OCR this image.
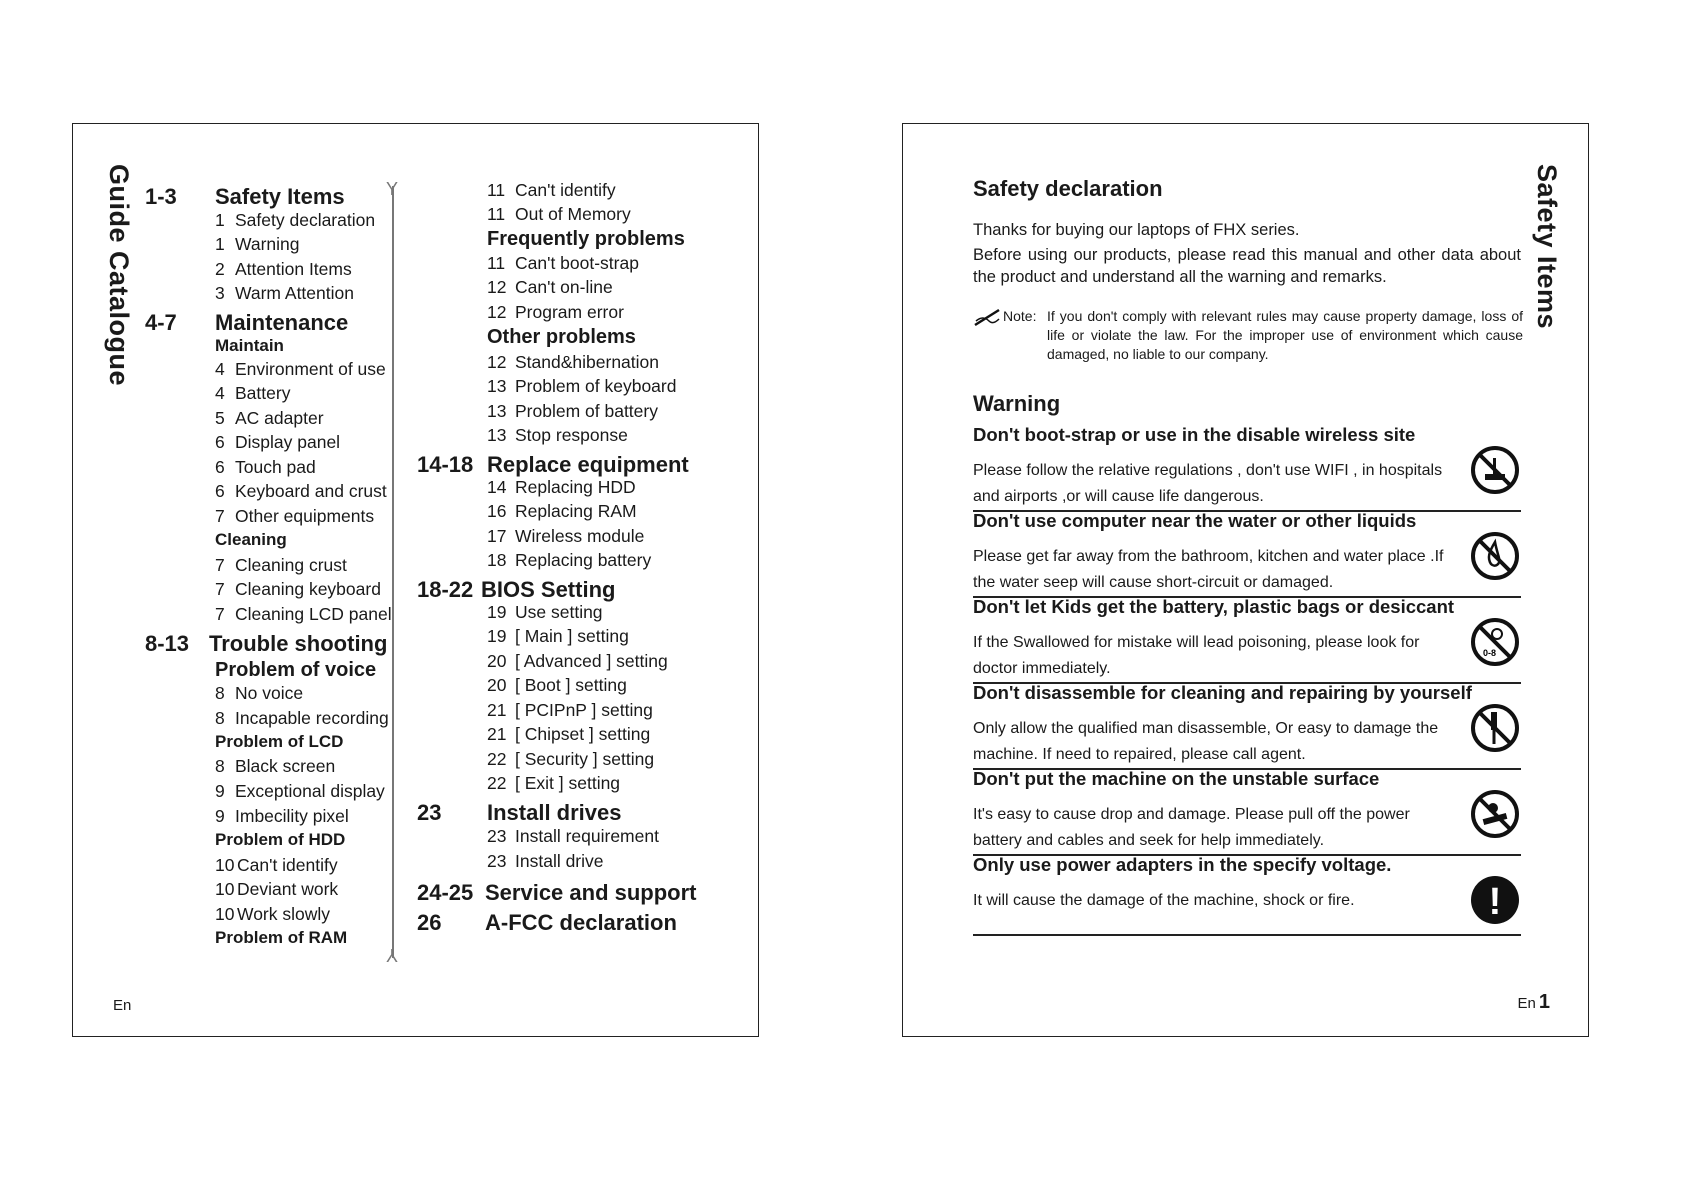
Guide Catalogue 1-3 Safety Items
1 Safety declaration
1 Warning
2 Attention Items
3 Warm Attention
4-7 Maintenance
Maintain
4 Environment of use
4 Battery
5 AC adapter
6 Display panel
6 Touch pad
6 Keyboard and crust
7 Other equipments
Cleaning
7 Cleaning crust
7 Cleaning keyboard
7 Cleaning LCD panel
8-13 Trouble shooting
Problem of voice
8 No voice
8 Incapable recording
Problem of LCD
8 Black screen
9 Exceptional display
9 Imbecility pixel
Problem of HDD
10 Can't identify
10 Deviant work
10 Work slowly
Problem of RAM
Y
Y
11 Can't identify
11 Out of Memory
Frequently problems
11 Can't boot-strap
12 Can't on-line
12 Program error
Other problems
12 Stand&hibernation
13 Problem of keyboard
13 Problem of battery
13 Stop response
14-18 Replace equipment
14 Replacing HDD
16 Replacing RAM
17 Wireless module
18 Replacing battery
18-22 BIOS Setting
19 Use setting
19 [ Main ] setting
20 [ Advanced ] setting
20 [ Boot ] setting
21 [ PCIPnP ] setting
21 [ Chipset ] setting
22 [ Security ] setting
22 [ Exit ] setting
23 Install drives
23 Install requirement
23 Install drive
24-25 Service and support
26 A-FCC declaration
En
Safety Items
Safety declaration
Thanks for buying our laptops of FHX series.
Before using our products, please read this manual and other data about the product and understand all the warning and remarks.
Note: If you don't comply with relevant rules may cause property damage, loss of life or violate the law. For the improper use of environment which cause damaged, no liable to our company.
Warning
Don't boot-strap or use in the disable wireless site
Please follow the relative regulations , don't use WIFI , in hospitals and airports ,or will cause life dangerous.
Don't use computer near the water or other liquids
Please get far away from the bathroom, kitchen and water place .If the water seep will cause short-circuit or damaged.
Don't let Kids get the battery, plastic bags or desiccant
If the Swallowed for mistake will lead poisoning, please look for doctor immediately.
0-8
Don't disassemble for cleaning and repairing by yourself
Only allow the qualified man disassemble, Or easy to damage the machine. If need to repaired, please call agent.
Don't put the machine on the unstable surface
It's easy to cause drop and damage. Please pull off the power battery and cables and seek for help immediately.
Only use power adapters in the specify voltage.
It will cause the damage of the machine, shock or fire.	!
En 1
